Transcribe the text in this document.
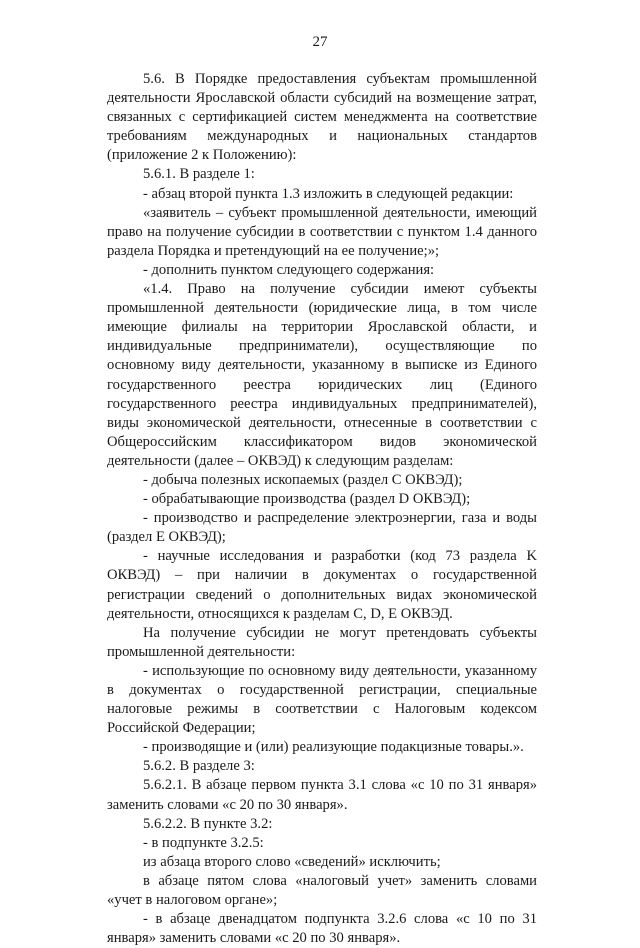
27

5.6. В Порядке предоставления субъектам промышленной деятельности Ярославской области субсидий на возмещение затрат, связанных с сертификацией систем менеджмента на соответствие требованиям международных и национальных стандартов (приложение 2 к Положению):

5.6.1. В разделе 1:

- абзац второй пункта 1.3 изложить в следующей редакции:

«заявитель – субъект промышленной деятельности, имеющий право на получение субсидии в соответствии с пунктом 1.4 данного раздела Порядка и претендующий на ее получение;»;

- дополнить пунктом следующего содержания:

«1.4. Право на получение субсидии имеют субъекты промышленной деятельности (юридические лица, в том числе имеющие филиалы на территории Ярославской области, и индивидуальные предприниматели), осуществляющие по основному виду деятельности, указанному в выписке из Единого государственного реестра юридических лиц (Единого государственного реестра индивидуальных предпринимателей), виды экономической деятельности, отнесенные в соответствии с Общероссийским классификатором видов экономической деятельности (далее – ОКВЭД) к следующим разделам:

- добыча полезных ископаемых (раздел С ОКВЭД);

- обрабатывающие производства (раздел D ОКВЭД);

- производство и распределение электроэнергии, газа и воды (раздел E ОКВЭД);

- научные исследования и разработки (код 73 раздела K ОКВЭД) – при наличии в документах о государственной регистрации сведений о дополнительных видах экономической деятельности, относящихся к разделам С, D, E ОКВЭД.

На получение субсидии не могут претендовать субъекты промышленной деятельности:

- использующие по основному виду деятельности, указанному в документах о государственной регистрации, специальные налоговые режимы в соответствии с Налоговым кодексом Российской Федерации;

- производящие и (или) реализующие подакцизные товары.».

5.6.2. В разделе 3:

5.6.2.1. В абзаце первом пункта 3.1 слова «с 10 по 31 января» заменить словами «с 20 по 30 января».

5.6.2.2. В пункте 3.2:

- в подпункте 3.2.5:

из абзаца второго слово «сведений» исключить;

в абзаце пятом слова «налоговый учет» заменить словами «учет в налоговом органе»;

- в абзаце двенадцатом подпункта 3.2.6 слова «с 10 по 31 января» заменить словами «с 20 по 30 января».
